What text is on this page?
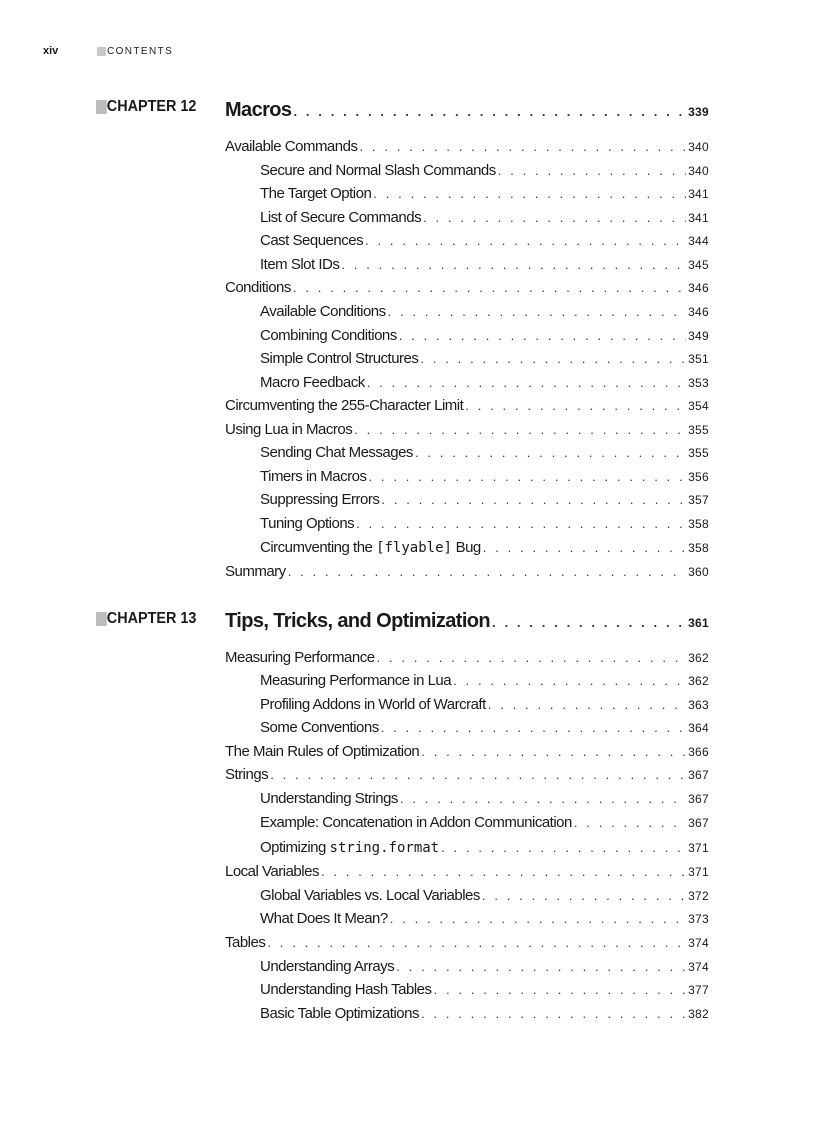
xiv	CONTENTS
CHAPTER 12 Macros . . .	339
Available Commands . . .	340
Secure and Normal Slash Commands . . .	340
The Target Option . . .	341
List of Secure Commands . . .	341
Cast Sequences . . .	344
Item Slot IDs . . .	345
Conditions . . .	346
Available Conditions . . .	346
Combining Conditions . . .	349
Simple Control Structures . . .	351
Macro Feedback . . .	353
Circumventing the 255-Character Limit . . .	354
Using Lua in Macros . . .	355
Sending Chat Messages . . .	355
Timers in Macros . . .	356
Suppressing Errors . . .	357
Tuning Options . . .	358
Circumventing the [flyable] Bug . . .	358
Summary . . .	360
CHAPTER 13 Tips, Tricks, and Optimization . . .	361
Measuring Performance . . .	362
Measuring Performance in Lua . . .	362
Profiling Addons in World of Warcraft . . .	363
Some Conventions . . .	364
The Main Rules of Optimization . . .	366
Strings . . .	367
Understanding Strings . . .	367
Example: Concatenation in Addon Communication . . .	367
Optimizing string.format . . .	371
Local Variables . . .	371
Global Variables vs. Local Variables . . .	372
What Does It Mean? . . .	373
Tables . . .	374
Understanding Arrays . . .	374
Understanding Hash Tables . . .	377
Basic Table Optimizations . . .	382
